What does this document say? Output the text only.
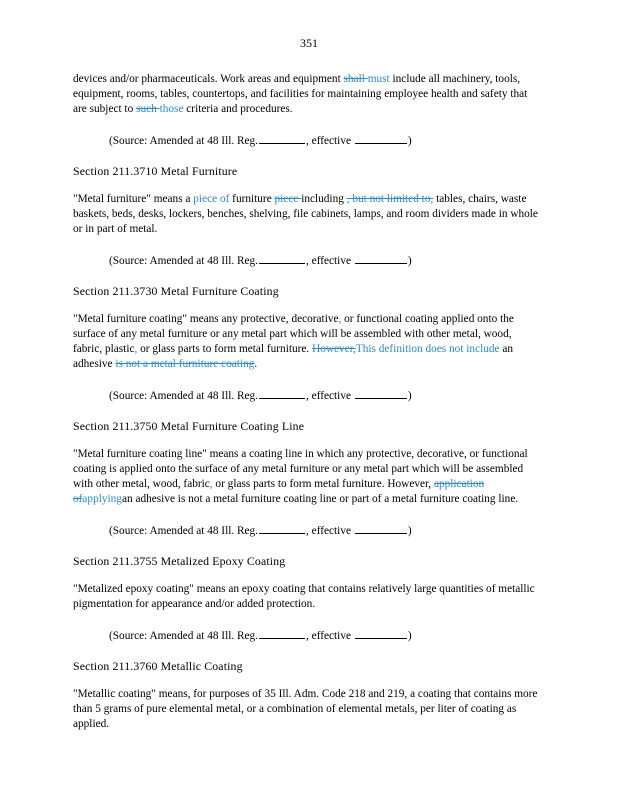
351

devices and/or pharmaceuticals. Work areas and equipment shall must include all machinery, tools, equipment, rooms, tables, countertops, and facilities for maintaining employee health and safety that are subject to such those criteria and procedures.

(Source: Amended at 48 Ill. Reg.	, effective	)

Section 211.3710 Metal Furniture

"Metal furniture" means a piece of furniture piece including , but not limited to, tables, chairs, waste baskets, beds, desks, lockers, benches, shelving, file cabinets, lamps, and room dividers made in whole or in part of metal.

(Source: Amended at 48 Ill. Reg.	, effective	)

Section 211.3730 Metal Furniture Coating

"Metal furniture coating" means any protective, decorative, or functional coating applied onto the surface of any metal furniture or any metal part which will be assembled with other metal, wood, fabric, plastic, or glass parts to form metal furniture. However,This definition does not include an adhesive is not a metal furniture coating.

(Source: Amended at 48 Ill. Reg.	, effective	)

Section 211.3750 Metal Furniture Coating Line

"Metal furniture coating line" means a coating line in which any protective, decorative, or functional coating is applied onto the surface of any metal furniture or any metal part which will be assembled with other metal, wood, fabric, or glass parts to form metal furniture. However, application ofapplyingan adhesive is not a metal furniture coating line or part of a metal furniture coating line.

(Source: Amended at 48 Ill. Reg.	, effective	)

Section 211.3755 Metalized Epoxy Coating

"Metalized epoxy coating" means an epoxy coating that contains relatively large quantities of metallic pigmentation for appearance and/or added protection.

(Source: Amended at 48 Ill. Reg.	, effective	)

Section 211.3760 Metallic Coating

"Metallic coating" means, for purposes of 35 Ill. Adm. Code 218 and 219, a coating that contains more than 5 grams of pure elemental metal, or a combination of elemental metals, per liter of coating as applied.
